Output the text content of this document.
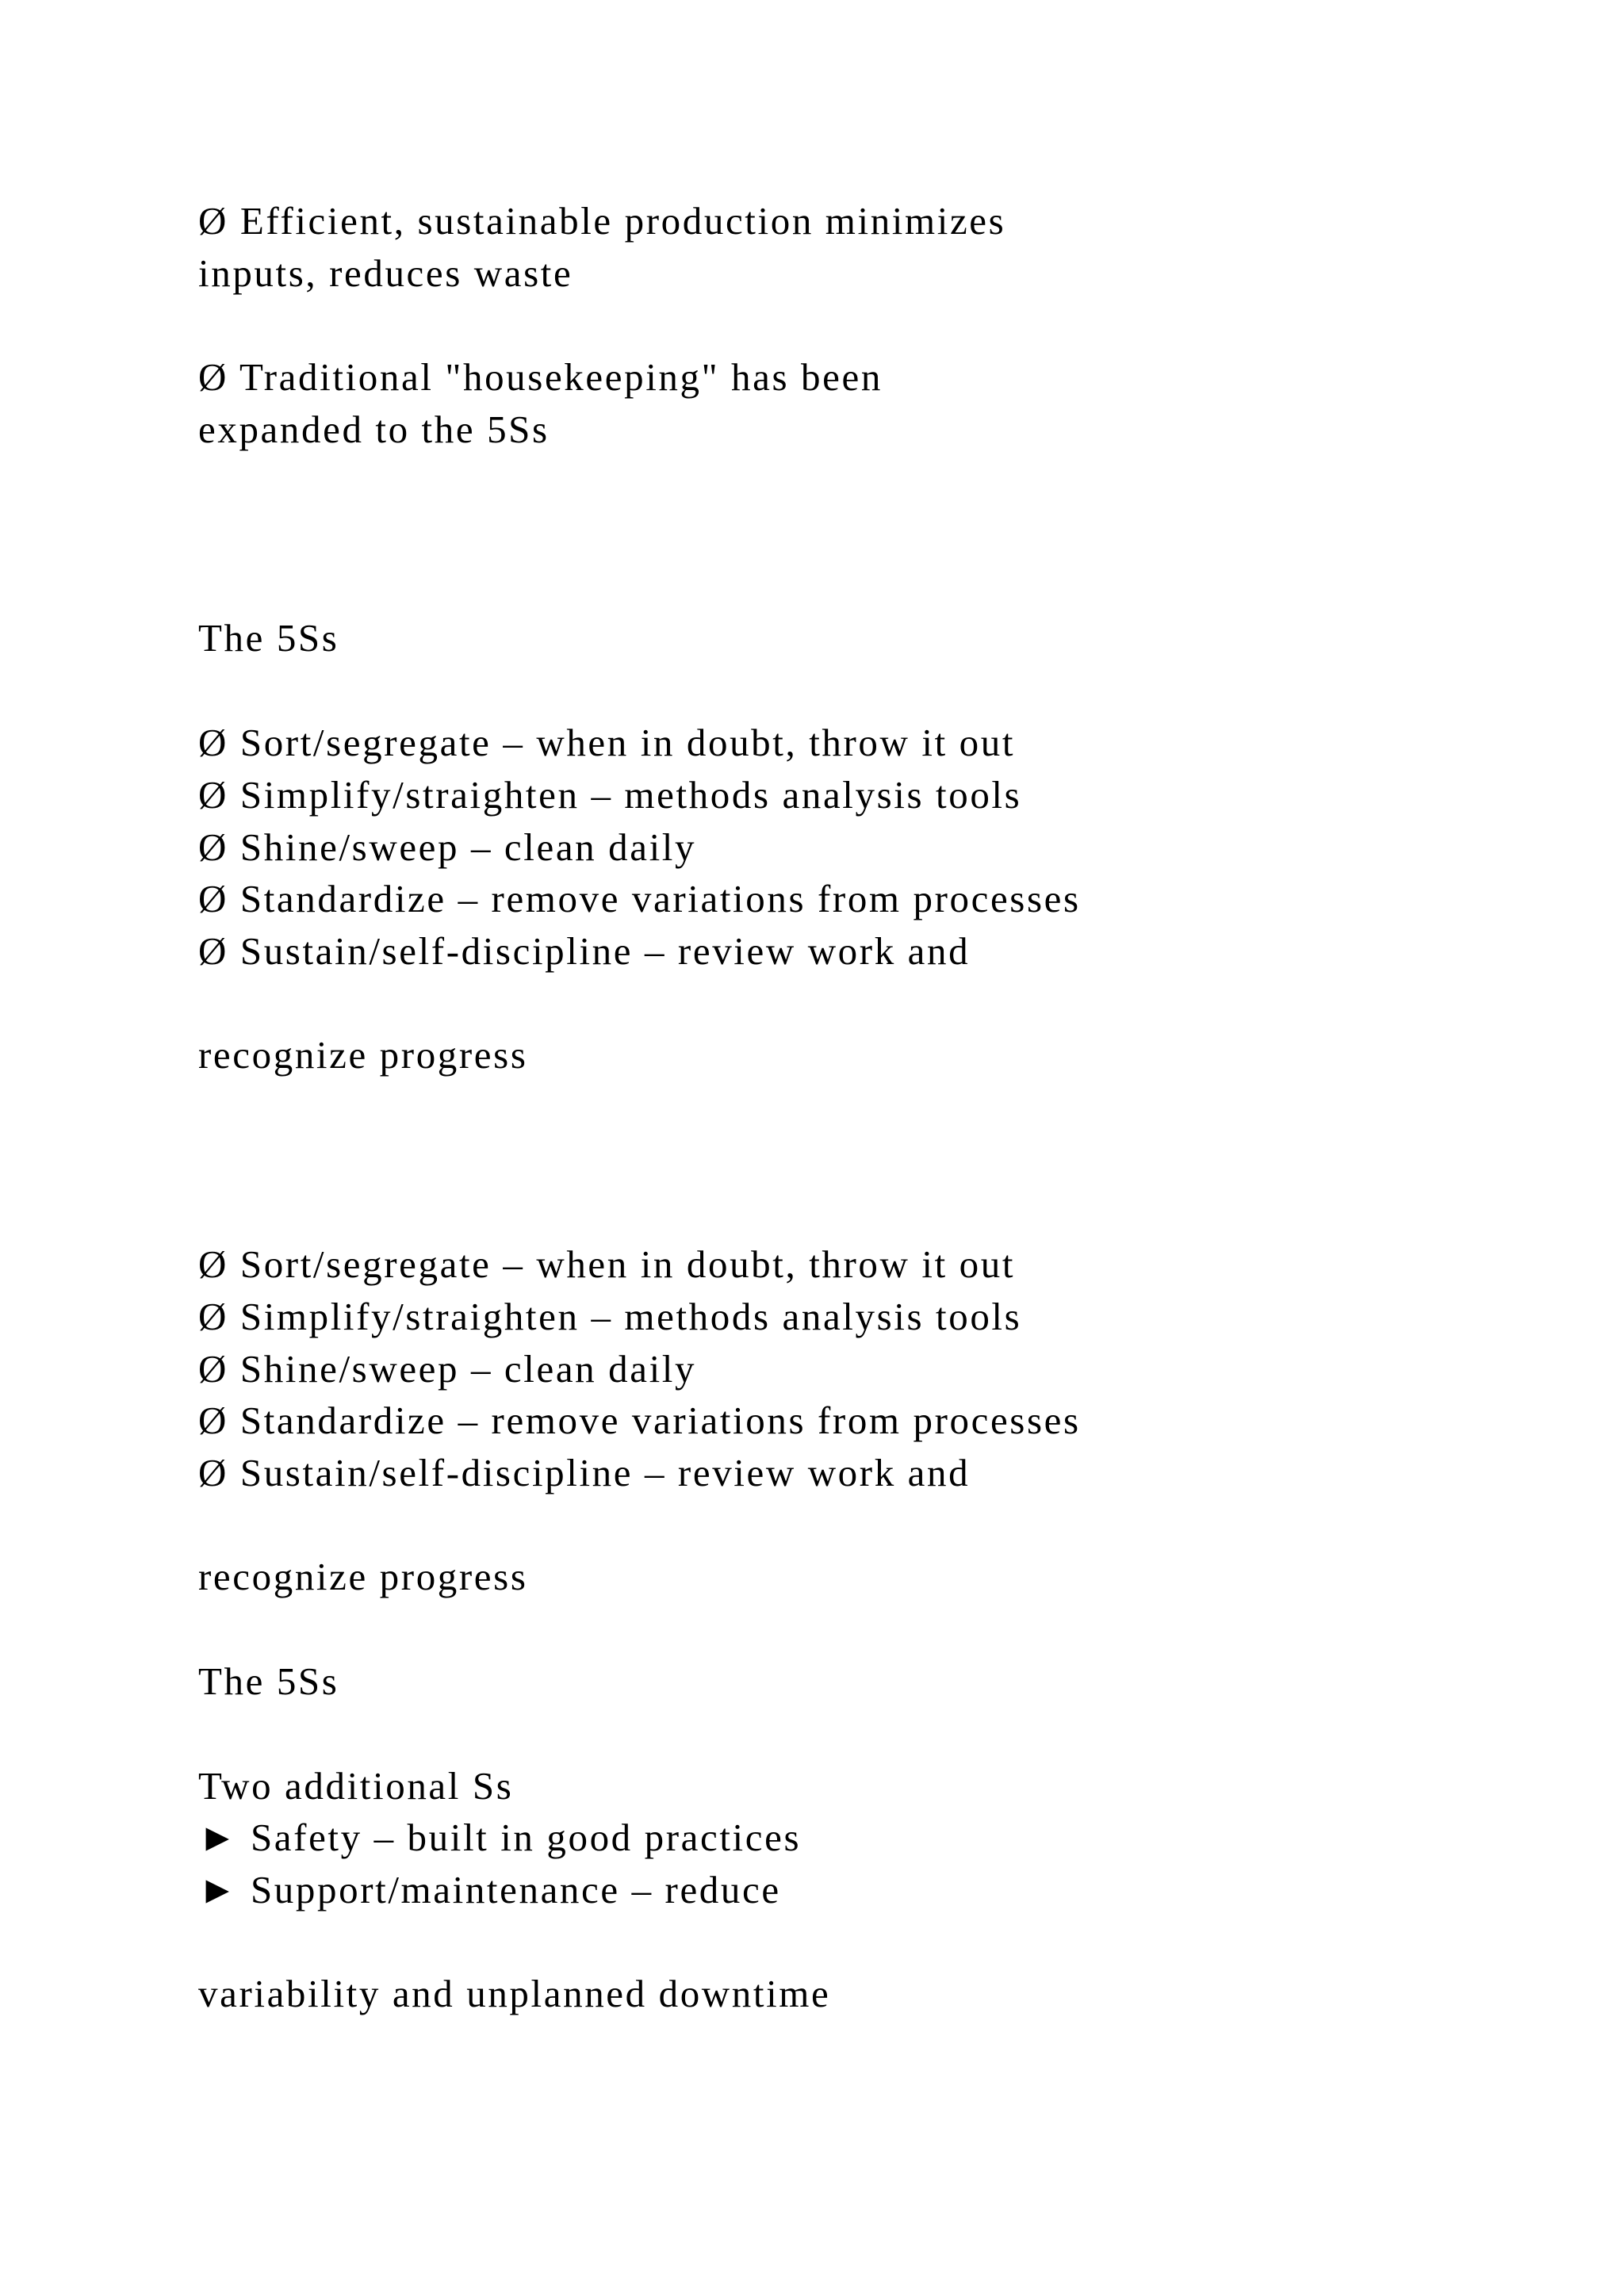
Ø Efficient, sustainable production minimizes

inputs, reduces waste

Ø Traditional "housekeeping" has been

expanded to the 5Ss

The 5Ss

Ø Sort/segregate – when in doubt, throw it out

Ø Simplify/straighten – methods analysis tools

Ø Shine/sweep – clean daily

Ø Standardize – remove variations from processes

Ø Sustain/self-discipline – review work and

recognize progress

Ø Sort/segregate – when in doubt, throw it out

Ø Simplify/straighten – methods analysis tools

Ø Shine/sweep – clean daily

Ø Standardize – remove variations from processes

Ø Sustain/self-discipline – review work and

recognize progress

The 5Ss

Two additional Ss

► Safety – built in good practices

► Support/maintenance – reduce

variability and unplanned downtime
